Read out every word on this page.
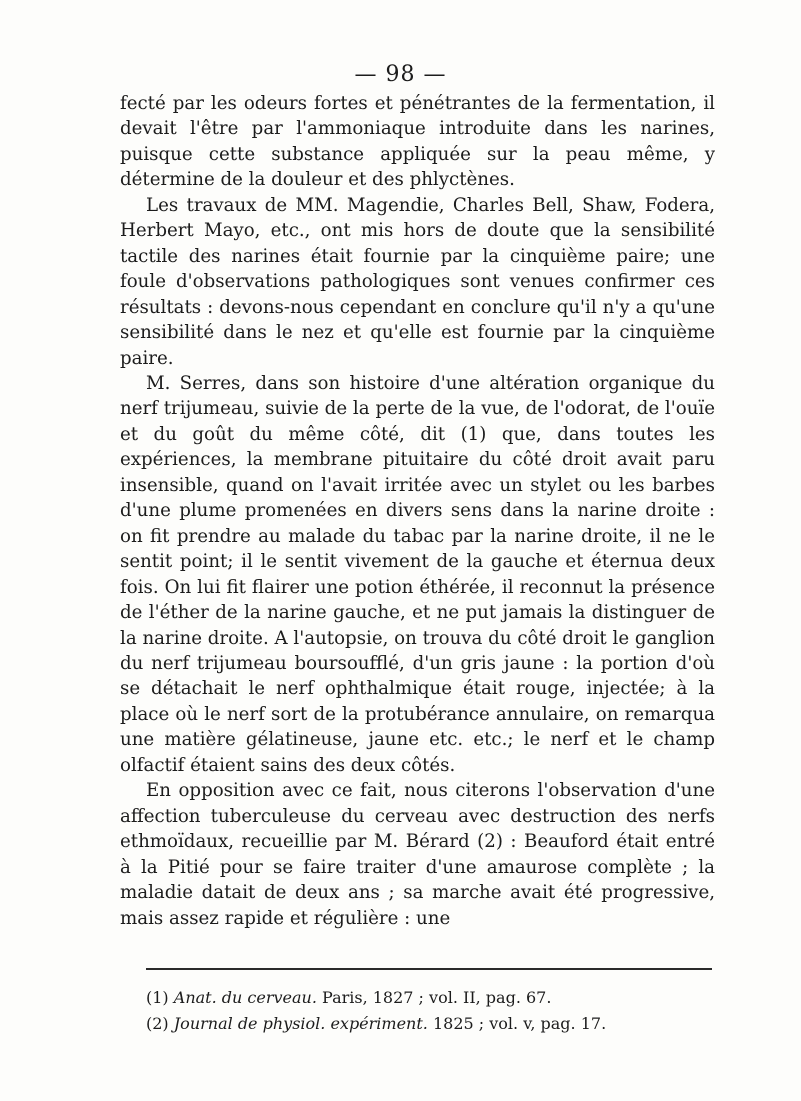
— 98 —

fecté par les odeurs fortes et pénétrantes de la fermentation, il devait l'être par l'ammoniaque introduite dans les narines, puisque cette substance appliquée sur la peau même, y détermine de la douleur et des phlyctènes.

Les travaux de MM. Magendie, Charles Bell, Shaw, Fodera, Herbert Mayo, etc., ont mis hors de doute que la sensibilité tactile des narines était fournie par la cinquième paire; une foule d'observations pathologiques sont venues confirmer ces résultats : devons-nous cependant en conclure qu'il n'y a qu'une sensibilité dans le nez et qu'elle est fournie par la cinquième paire.

M. Serres, dans son histoire d'une altération organique du nerf trijumeau, suivie de la perte de la vue, de l'odorat, de l'ouïe et du goût du même côté, dit (1) que, dans toutes les expériences, la membrane pituitaire du côté droit avait paru insensible, quand on l'avait irritée avec un stylet ou les barbes d'une plume promenées en divers sens dans la narine droite : on fit prendre au malade du tabac par la narine droite, il ne le sentit point; il le sentit vivement de la gauche et éternua deux fois. On lui fit flairer une potion éthérée, il reconnut la présence de l'éther de la narine gauche, et ne put jamais la distinguer de la narine droite. A l'autopsie, on trouva du côté droit le ganglion du nerf trijumeau boursoufflé, d'un gris jaune : la portion d'où se détachait le nerf ophthalmique était rouge, injectée; à la place où le nerf sort de la protubérance annulaire, on remarqua une matière gélatineuse, jaune etc. etc.; le nerf et le champ olfactif étaient sains des deux côtés.

En opposition avec ce fait, nous citerons l'observation d'une affection tuberculeuse du cerveau avec destruction des nerfs ethmoïdaux, recueillie par M. Bérard (2) : Beauford était entré à la Pitié pour se faire traiter d'une amaurose complète ; la maladie datait de deux ans ; sa marche avait été progressive, mais assez rapide et régulière : une

(1) Anat. du cerveau. Paris, 1827 ; vol. II, pag. 67.

(2) Journal de physiol. expériment. 1825 ; vol. v, pag. 17.
